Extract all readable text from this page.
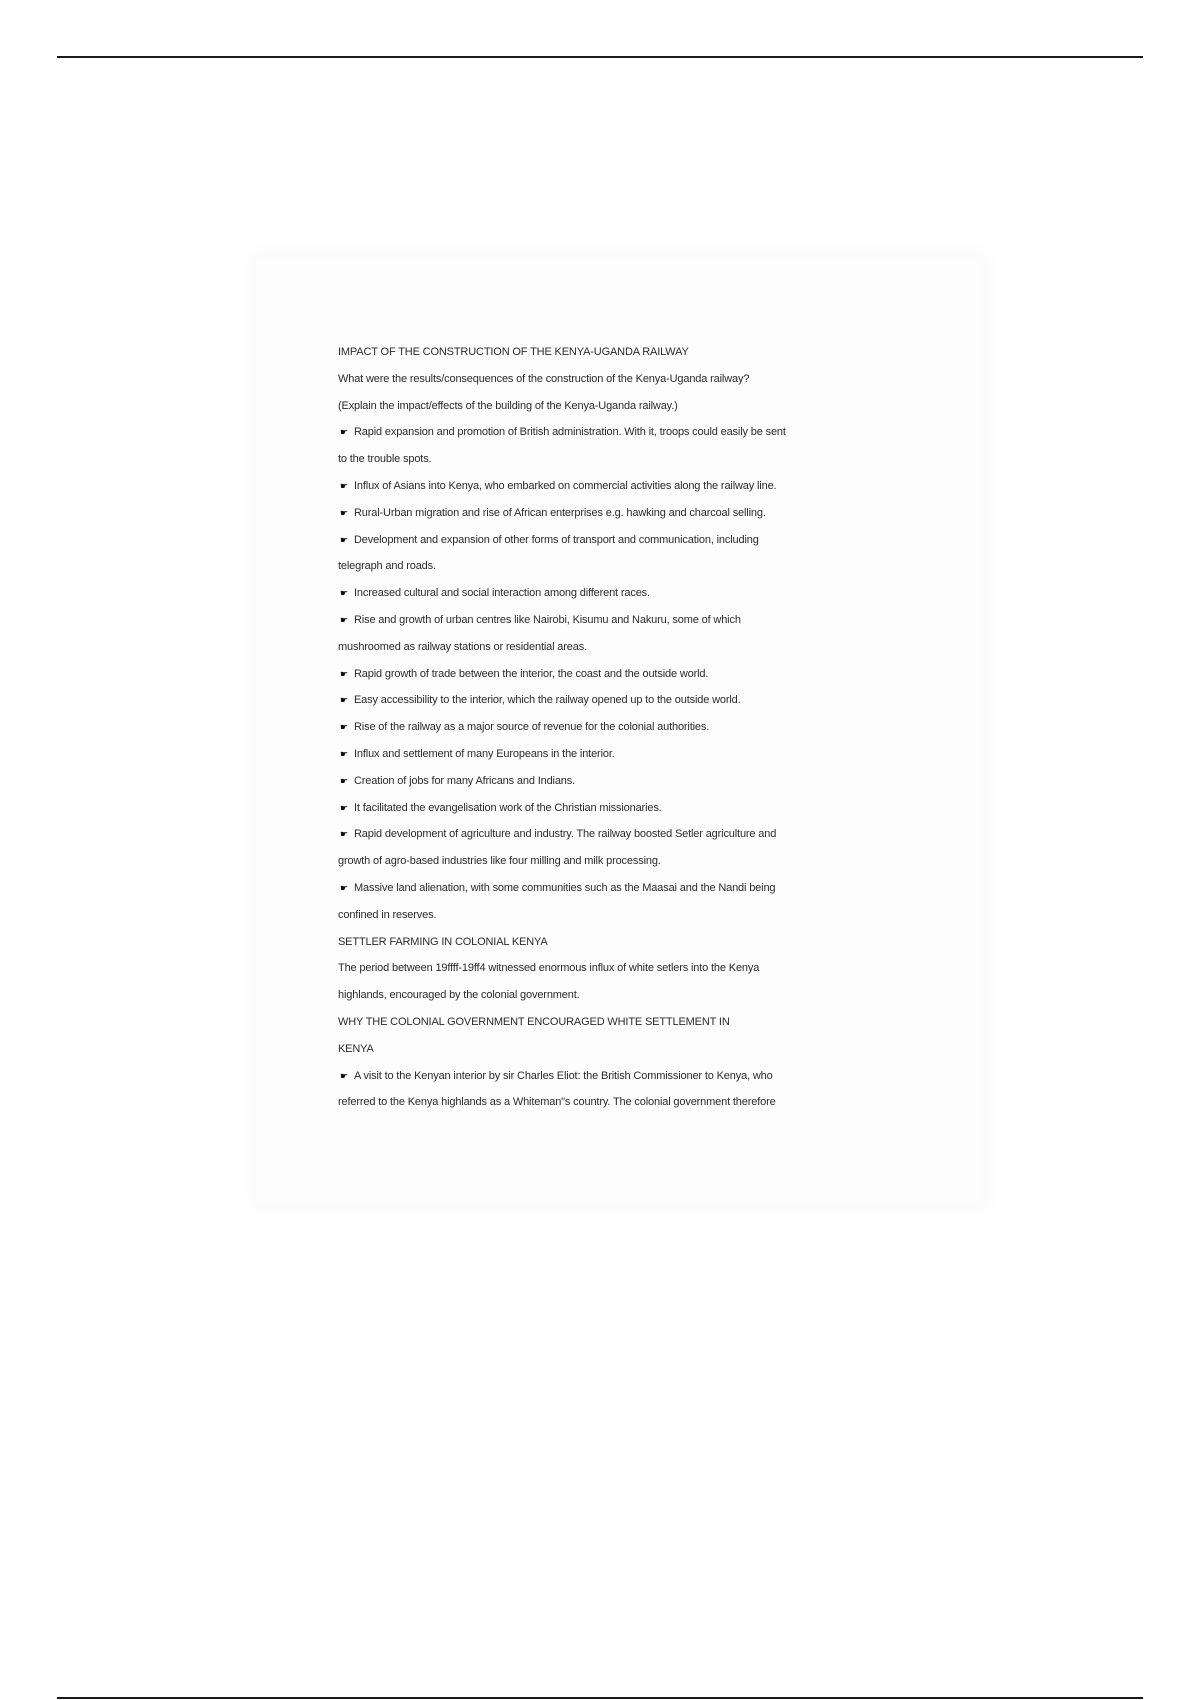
IMPACT OF THE CONSTRUCTION OF THE KENYA-UGANDA RAILWAY
What were the results/consequences of the construction of the Kenya-Uganda railway?
(Explain the impact/effects of the building of the Kenya-Uganda railway.)
☛ Rapid expansion and promotion of British administration. With it, troops could easily be sent
to the trouble spots.
☛ Influx of Asians into Kenya, who embarked on commercial activities along the railway line.
☛ Rural-Urban migration and rise of African enterprises e.g. hawking and charcoal selling.
☛ Development and expansion of other forms of transport and communication, including
telegraph and roads.
☛ Increased cultural and social interaction among different races.
☛ Rise and growth of urban centres like Nairobi, Kisumu and Nakuru, some of which
mushroomed as railway stations or residential areas.
☛ Rapid growth of trade between the interior, the coast and the outside world.
☛ Easy accessibility to the interior, which the railway opened up to the outside world.
☛ Rise of the railway as a major source of revenue for the colonial authorities.
☛ Influx and settlement of many Europeans in the interior.
☛ Creation of jobs for many Africans and Indians.
☛ It facilitated the evangelisation work of the Christian missionaries.
☛ Rapid development of agriculture and industry. The railway boosted Setler agriculture and
growth of agro-based industries like four milling and milk processing.
☛ Massive land alienation, with some communities such as the Maasai and the Nandi being
confined in reserves.
SETTLER FARMING IN COLONIAL KENYA
The period between 19ffff-19ff4 witnessed enormous influx of white setlers into the Kenya
highlands, encouraged by the colonial government.
WHY THE COLONIAL GOVERNMENT ENCOURAGED WHITE SETTLEMENT IN
KENYA
☛ A visit to the Kenyan interior by sir Charles Eliot: the British Commissioner to Kenya, who
referred to the Kenya highlands as a Whiteman"s country. The colonial government therefore
